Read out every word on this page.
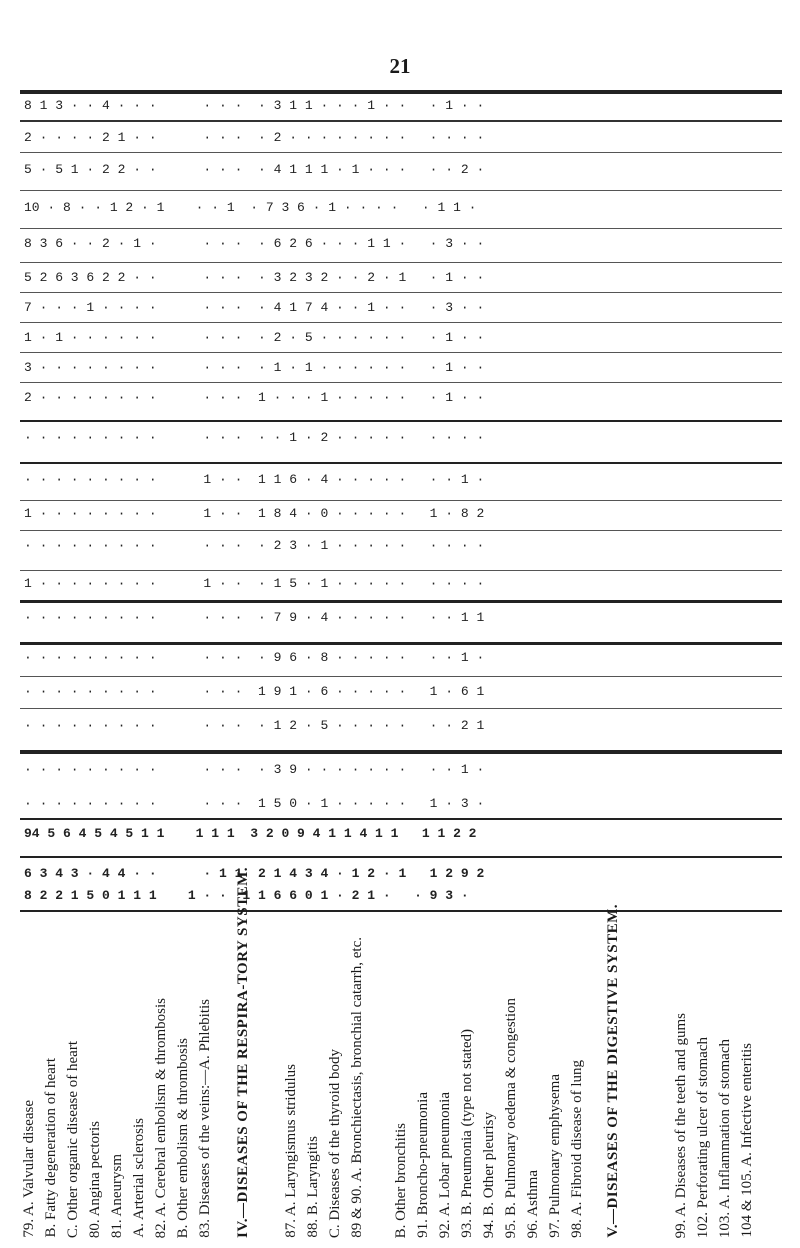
21
8 1 3 · · 4 · · ·      · · ·  · 3 1 1 · · · 1 · ·   · 1 · ·
2 · · · · 2 1 · ·      · · ·  · 2 · · · · · · · ·   · · · ·
5 · 5 1 · 2 2 · ·      · · ·  · 4 1 1 1 · 1 · · ·   · · 2 ·
10 · 8 · · 1 2 · 1    · · 1  · 7 3 6 · 1 · · · ·   · 1 1 ·
8 3 6 · · 2 · 1 ·      · · ·  · 6 2 6 · · · 1 1 ·   · 3 · ·
5 2 6 3 6 2 2 · ·      · · ·  · 3 2 3 2 · · 2 · 1   · 1 · ·
7 · · · 1 · · · ·      · · ·  · 4 1 7 4 · · 1 · ·   · 3 · ·
1 · 1 · · · · · ·      · · ·  · 2 · 5 · · · · · ·   · 1 · ·
3 · · · · · · · ·      · · ·  · 1 · 1 · · · · · ·   · 1 · ·
2 · · · · · · · ·      · · ·  1 · · · 1 · · · · ·   · 1 · ·
· · · · · · · · ·      · · ·  · · 1 · 2 · · · · ·   · · · ·
· · · · · · · · ·      1 · ·  1 1 6 · 4 · · · · ·   · · 1 ·
1 · · · · · · · ·      1 · ·  1 8 4 · 0 · · · · ·   1 · 8 2
· · · · · · · · ·      · · ·  · 2 3 · 1 · · · · ·   · · · ·
1 · · · · · · · ·      1 · ·  · 1 5 · 1 · · · · ·   · · · ·
· · · · · · · · ·      · · ·  · 7 9 · 4 · · · · ·   · · 1 1
· · · · · · · · ·      · · ·  · 9 6 · 8 · · · · ·   · · 1 ·
· · · · · · · · ·      · · ·  1 9 1 · 6 · · · · ·   1 · 6 1
· · · · · · · · ·      · · ·  · 1 2 · 5 · · · · ·   · · 2 1
· · · · · · · · ·      · · ·  · 3 9 · · · · · · ·   · · 1 ·
· · · · · · · · ·      · · ·  1 5 0 · 1 · · · · ·   1 · 3 ·
94 5 6 4 5 4 5 1 1    1 1 1  3 2 0 9 4 1 1 4 1 1   1 1 2 2
6 3 4 3 · 4 4 · ·      · 1 1  2 1 4 3 4 · 1 2 · 1   1 2 9 2
8 2 2 1 5 0 1 1 1    1 · ·  1 1 6 6 0 1 · 2 1 ·   · 9 3 ·
79. A. Valvular disease B. Fatty degeneration of heart C. Other organic disease of heart 80. Angina pectoris 81. Aneurysm A. Arterial sclerosis 82. A. Cerebral embolism & thrombosis B. Other embolism & thrombosis 83. Diseases of the veins:—A. Phlebitis IV.—DISEASES OF THE RESPIRA-TORY SYSTEM. 87. A. Laryngismus stridulus 88. B. Laryngitis C. Diseases of the thyroid body 89 & 90. A. Bronchiectasis, bronchial catarrh, etc. B. Other bronchitis 91. Broncho-pneumonia 92. A. Lobar pneumonia 93. B. Pneumonia (type not stated) 94. B. Other pleurisy 95. B. Pulmonary oedema & congestion 96. Asthma 97. Pulmonary emphysema 98. A. Fibroid disease of lung V.—DISEASES OF THE DIGESTIVE SYSTEM.	99. A. Diseases of the teeth and gums 102. Perforating ulcer of stomach 103. A. Inflammation of stomach 104 & 105. A. Infective enteritis
